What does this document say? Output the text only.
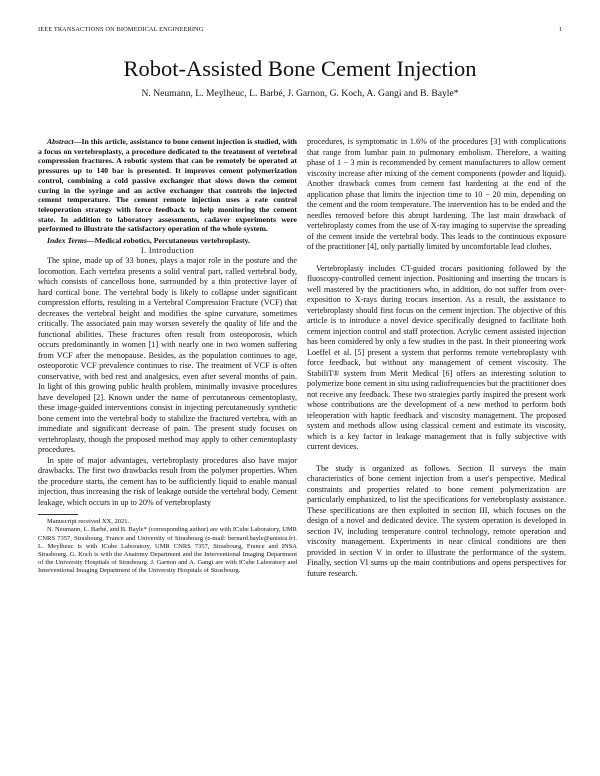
IEEE TRANSACTIONS ON BIOMEDICAL ENGINEERING	1
Robot-Assisted Bone Cement Injection
N. Neumann, L. Meylheuc, L. Barbé, J. Garnon, G. Koch, A. Gangi and B. Bayle*

Abstract—In this article, assistance to bone cement injection is studied, with a focus on vertebroplasty, a procedure dedicated to the treatment of vertebral compression fractures. A robotic system that can be remotely be operated at pressures up to 140 bar is presented. It improves cement polymerization control, combining a cold passive exchanger that slows down the cement curing in the syringe and an active exchanger that controls the injected cement temperature. The cement remote injection uses a rate control teleoperation strategy with force feedback to help monitoring the cement state. In addition to laboratory assessments, cadaver experiments were performed to illustrate the satisfactory operation of the whole system.

Index Terms—Medical robotics, Percutaneous vertebroplasty.

I. Introduction

The spine, made up of 33 bones, plays a major role in the posture and the locomotion. Each vertebra presents a solid ventral part, called vertebral body, which consists of cancellous bone, surrounded by a thin protective layer of hard cortical bone. The vertebral body is likely to collapse under significant compression efforts, resulting in a Vertebral Compression Fracture (VCF) that decreases the vertebral height and modifies the spine curvature, sometimes critically. The associated pain may worsen severely the quality of life and the functional abilities. These fractures often result from osteoporosis, which occurs predominantly in women [1] with nearly one in two women suffering from VCF after the menopause. Besides, as the population continues to age, osteoporotic VCF prevalence continues to rise. The treatment of VCF is often conservative, with bed rest and analgesics, even after several months of pain. In light of this growing public health problem, minimally invasive procedures have developed [2]. Known under the name of percutaneous cementoplasty, these image-guided interventions consist in injecting percutaneously synthetic bone cement into the vertebral body to stabilize the fractured vertebra, with an immediate and significant decrease of pain. The present study focuses on vertebroplasty, though the proposed method may apply to other cementoplasty procedures.

In spite of major advantages, vertebroplasty procedures also have major drawbacks. The first two drawbacks result from the polymer properties. When the procedure starts, the cement has to be sufficiently liquid to enable manual injection, thus increasing the risk of leakage outside the vertebral body. Cement leakage, which occurs in up to 20% of vertebroplasty

Manuscript received XX, 2021.

N. Neumann, L. Barbé, and B. Bayle* (corresponding author) are with ICube Laboratory, UMR CNRS 7357, Strasbourg, France and University of Strasbourg (e-mail: bernard.bayle@unistra.fr). L. Meylheuc is with ICube Laboratory, UMR CNRS 7357, Strasbourg, France and INSA Strasbourg. G. Koch is with the Anatomy Department and the Interventional Imaging Department of the University Hospitals of Strasbourg. J. Garnon and A. Gangi are with ICube Laboratory and Interventional Imaging Department of the University Hospitals of Strasbourg.

procedures, is symptomatic in 1.6% of the procedures [3] with complications that range from lumbar pain to pulmonary embolism. Therefore, a waiting phase of 1 − 3 min is recommended by cement manufacturers to allow cement viscosity increase after mixing of the cement components (powder and liquid). Another drawback comes from cement fast hardening at the end of the application phase that limits the injection time to 10 − 20 min, depending on the cement and the room temperature. The intervention has to be ended and the needles removed before this abrupt hardening. The last main drawback of vertebroplasty comes from the use of X-ray imaging to supervise the spreading of the cement inside the vertebral body. This leads to the continuous exposure of the practitioner [4], only partially limited by uncomfortable lead clothes.

Vertebroplasty includes CT-guided trocars positioning followed by the fluoscopy-controlled cement injection. Positioning and inserting the trocars is well mastered by the practitioners who, in addition, do not suffer from over-exposition to X-rays during trocars insertion. As a result, the assistance to vertebroplasty should first focus on the cement injection. The objective of this article is to introduce a novel device specifically designed to facilitate both cement injection control and staff protection. Acrylic cement assisted injection has been considered by only a few studies in the past. In their pioneering work Loeffel et al. [5] present a system that performs remote vertebroplasty with force feedback, but without any management of cement viscosity. The StabiliT® system from Merit Medical [6] offers an interesting solution to polymerize bone cement in situ using radiofrequencies but the practitioner does not receive any feedback. These two strategies partly inspired the present work whose contributions are the development of a new method to perform both teleoperation with haptic feedback and viscosity management. The proposed system and methods allow using classical cement and estimate its viscosity, which is a key factor in leakage management that is fully subjective with current devices.

The study is organized as follows. Section II surveys the main characteristics of bone cement injection from a user's perspective. Medical constraints and properties related to bone cement polymerization are particularly emphasized, to list the specifications for vertebroplasty assistance. These specifications are then exploited in section III, which focuses on the design of a novel and dedicated device. The system operation is developed in section IV, including temperature control technology, remote operation and viscosity management. Experiments in near clinical conditions are then provided in section V in order to illustrate the performance of the system. Finally, section VI sums up the main contributions and opens perspectives for future research.
